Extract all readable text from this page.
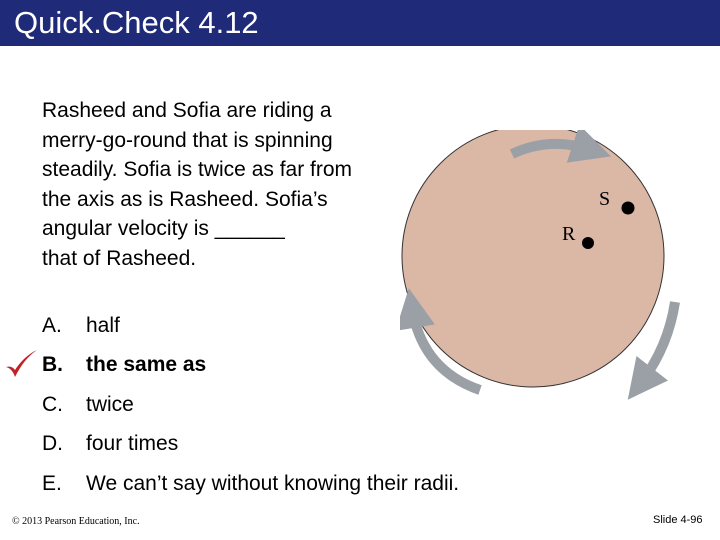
Quick.Check 4.12
Rasheed and Sofia are riding a
merry-go-round that is spinning
steadily. Sofia is twice as far from
the axis as is Rasheed. Sofia’s
angular velocity is ______
that of Rasheed.
A. half
B. the same as
C. twice
D. four times
E. We can’t say without knowing their radii.
S
R
© 2013 Pearson Education, Inc.	Slide 4-96
